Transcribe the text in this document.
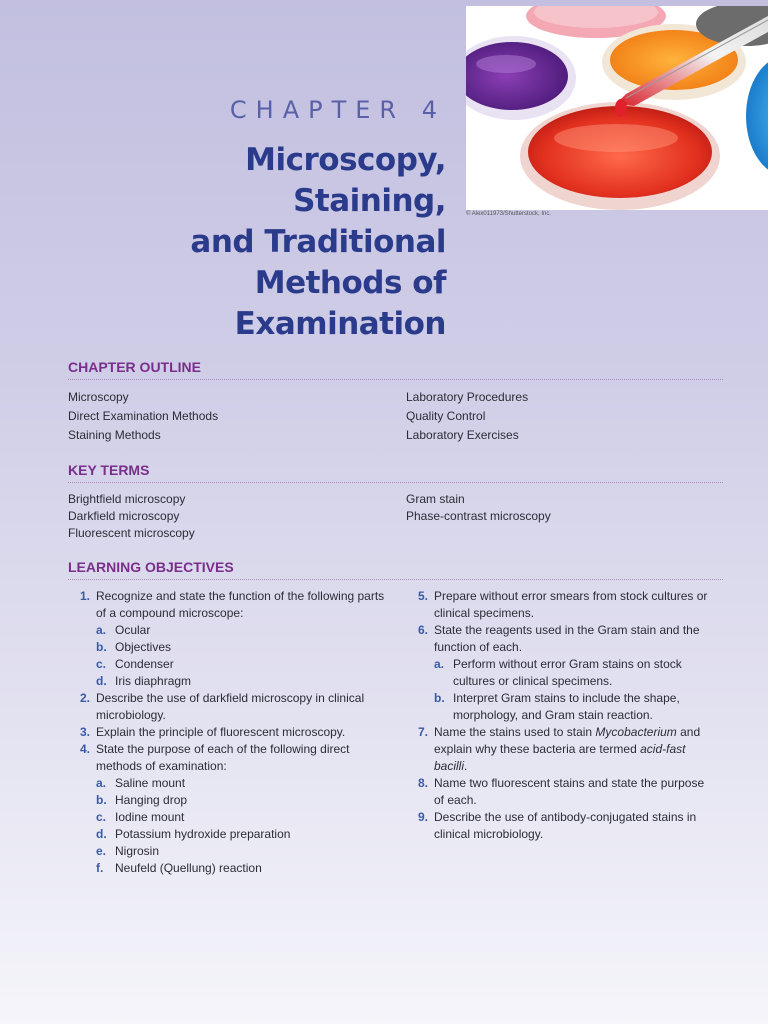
© Alex011973/Shutterstock, Inc.
CHAPTER 4
Microscopy, Staining,
and Traditional
Methods of
Examination
CHAPTER OUTLINE
Microscopy
Direct Examination Methods
Staining Methods
Laboratory Procedures
Quality Control
Laboratory Exercises
KEY TERMS
Brightfield microscopy
Darkfield microscopy
Fluorescent microscopy
Gram stain
Phase-contrast microscopy
LEARNING OBJECTIVES
1. Recognize and state the function of the following parts of a compound microscope:
a. Ocular
b. Objectives
c. Condenser
d. Iris diaphragm
2. Describe the use of darkfield microscopy in clinical microbiology.
3. Explain the principle of fluorescent microscopy.
4. State the purpose of each of the following direct methods of examination:
a. Saline mount
b. Hanging drop
c. Iodine mount
d. Potassium hydroxide preparation
e. Nigrosin
f. Neufeld (Quellung) reaction
5. Prepare without error smears from stock cultures or clinical specimens.
6. State the reagents used in the Gram stain and the function of each.
a. Perform without error Gram stains on stock cultures or clinical specimens.
b. Interpret Gram stains to include the shape, morphology, and Gram stain reaction.
7. Name the stains used to stain Mycobacterium and explain why these bacteria are termed acid-fast bacilli.
8. Name two fluorescent stains and state the purpose of each.
9. Describe the use of antibody-conjugated stains in clinical microbiology.
